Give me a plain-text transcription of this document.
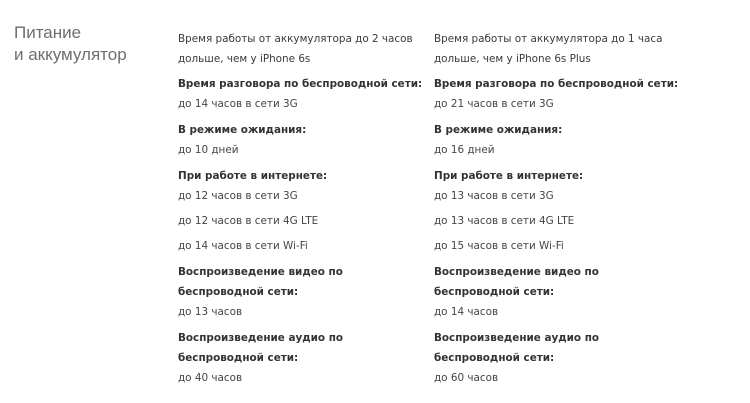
Питание
и аккумулятор
Время работы от аккумулятора до 2 часов дольше, чем у iPhone 6s
Время разговора по беспроводной сети:
до 14 часов в сети 3G
В режиме ожидания:
до 10 дней
При работе в интернете:
до 12 часов в сети 3G
до 12 часов в сети 4G LTE
до 14 часов в сети Wi‑Fi
Воспроизведение видео по беспроводной сети:
до 13 часов
Воспроизведение аудио по беспроводной сети:
до 40 часов
Время работы от аккумулятора до 1 часа дольше, чем у iPhone 6s Plus
Время разговора по беспроводной сети:
до 21 часов в сети 3G
В режиме ожидания:
до 16 дней
При работе в интернете:
до 13 часов в сети 3G
до 13 часов в сети 4G LTE
до 15 часов в сети Wi‑Fi
Воспроизведение видео по беспроводной сети:
до 14 часов
Воспроизведение аудио по беспроводной сети:
до 60 часов
